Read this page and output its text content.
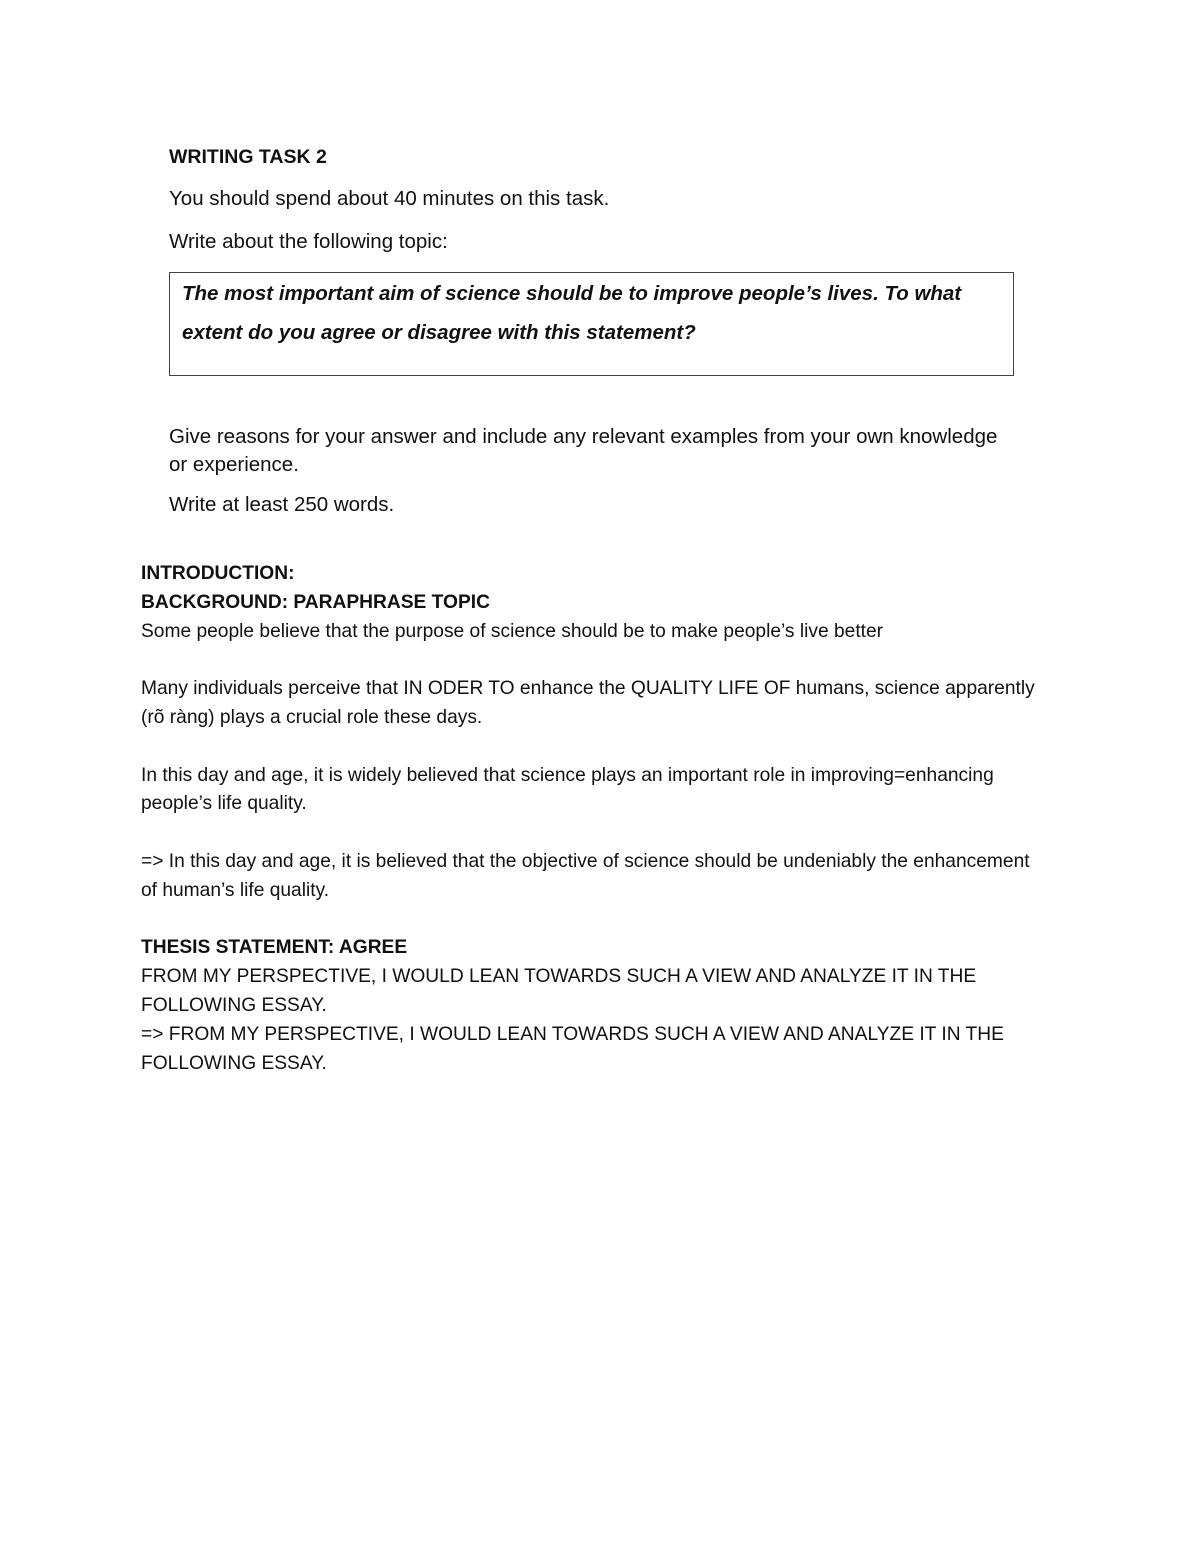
WRITING TASK 2
You should spend about 40 minutes on this task.
Write about the following topic:
The most important aim of science should be to improve people’s lives. To what extent do you agree or disagree with this statement?
Give reasons for your answer and include any relevant examples from your own knowledge or experience.
Write at least 250 words.

INTRODUCTION:

BACKGROUND: PARAPHRASE TOPIC

Some people believe that the purpose of science should be to make people’s live better

Many individuals perceive that IN ODER TO enhance the QUALITY LIFE OF humans, science apparently (rõ ràng) plays a crucial role these days.

In this day and age, it is widely believed that science plays an important role in improving=enhancing people’s life quality.

=> In this day and age, it is believed that the objective of science should be undeniably the enhancement of human’s life quality.

THESIS STATEMENT: AGREE

FROM MY PERSPECTIVE, I WOULD LEAN TOWARDS SUCH A VIEW AND ANALYZE IT IN THE FOLLOWING ESSAY.

=> FROM MY PERSPECTIVE, I WOULD LEAN TOWARDS SUCH A VIEW AND ANALYZE IT IN THE FOLLOWING ESSAY.
